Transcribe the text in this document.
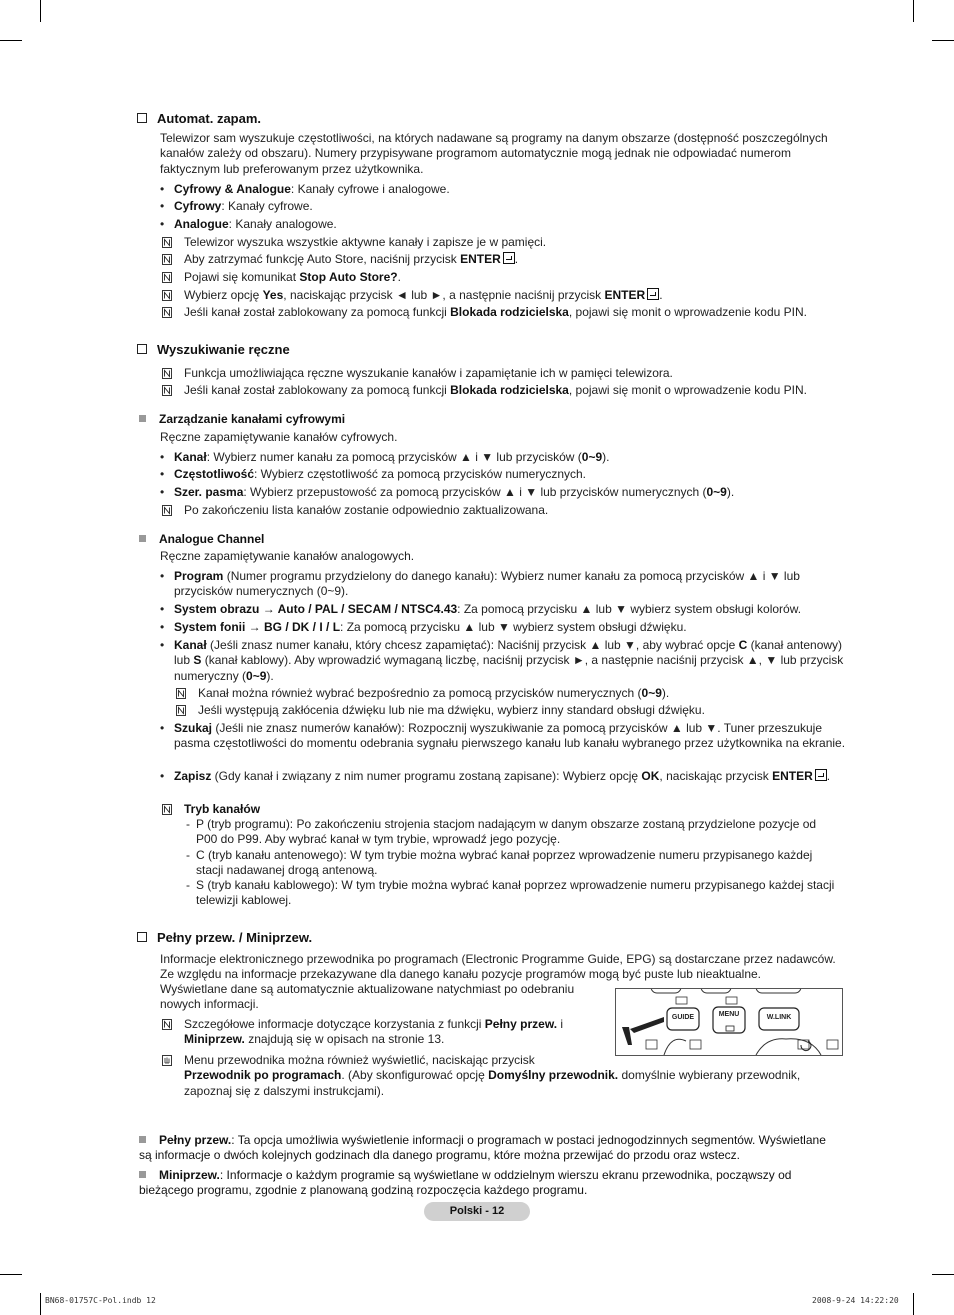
Automat. zapam.
Telewizor sam wyszukuje częstotliwości, na których nadawane są programy na danym obszarze (dostępność poszczególnych kanałów zależy od obszaru). Numery przypisywane programom automatycznie mogą jednak nie odpowiadać numerom faktycznym lub preferowanym przez użytkownika.
• Cyfrowy & Analogue: Kanały cyfrowe i analogowe.
• Cyfrowy: Kanały cyfrowe.
• Analogue: Kanały analogowe.
Telewizor wyszuka wszystkie aktywne kanały i zapisze je w pamięci.
Aby zatrzymać funkcję Auto Store, naciśnij przycisk ENTER .
Pojawi się komunikat Stop Auto Store?.
Wybierz opcję Yes, naciskając przycisk ◄ lub ►, a następnie naciśnij przycisk ENTER .
Jeśli kanał został zablokowany za pomocą funkcji Blokada rodzicielska, pojawi się monit o wprowadzenie kodu PIN.
Wyszukiwanie ręczne
Funkcja umożliwiająca ręczne wyszukanie kanałów i zapamiętanie ich w pamięci telewizora.
Jeśli kanał został zablokowany za pomocą funkcji Blokada rodzicielska, pojawi się monit o wprowadzenie kodu PIN.
Zarządzanie kanałami cyfrowymi
Ręczne zapamiętywanie kanałów cyfrowych.
• Kanał: Wybierz numer kanału za pomocą przycisków ▲ i ▼ lub przycisków (0~9).
• Częstotliwość: Wybierz częstotliwość za pomocą przycisków numerycznych.
• Szer. pasma: Wybierz przepustowość za pomocą przycisków ▲ i ▼ lub przycisków numerycznych (0~9).
Po zakończeniu lista kanałów zostanie odpowiednio zaktualizowana.
Analogue Channel
Ręczne zapamiętywanie kanałów analogowych.
• Program (Numer programu przydzielony do danego kanału): Wybierz numer kanału za pomocą przycisków ▲ i ▼ lub przycisków numerycznych (0~9).
• System obrazu → Auto / PAL / SECAM / NTSC4.43: Za pomocą przycisku ▲ lub ▼ wybierz system obsługi kolorów.
• System fonii → BG / DK / I / L: Za pomocą przycisku ▲ lub ▼ wybierz system obsługi dźwięku.
• Kanał (Jeśli znasz numer kanału, który chcesz zapamiętać): Naciśnij przycisk ▲ lub ▼, aby wybrać opcje C (kanał antenowy) lub S (kanał kablowy). Aby wprowadzić wymaganą liczbę, naciśnij przycisk ►, a następnie naciśnij przycisk ▲, ▼ lub przycisk numeryczny (0~9).
Kanał można również wybrać bezpośrednio za pomocą przycisków numerycznych (0~9).
Jeśli występują zakłócenia dźwięku lub nie ma dźwięku, wybierz inny standard obsługi dźwięku.
• Szukaj (Jeśli nie znasz numerów kanałów): Rozpocznij wyszukiwanie za pomocą przycisków ▲ lub ▼. Tuner przeszukuje pasma częstotliwości do momentu odebrania sygnału pierwszego kanału lub kanału wybranego przez użytkownika na ekranie.
• Zapisz (Gdy kanał i związany z nim numer programu zostaną zapisane): Wybierz opcję OK, naciskając przycisk ENTER .
Tryb kanałów
- P (tryb programu): Po zakończeniu strojenia stacjom nadającym w danym obszarze zostaną przydzielone pozycje od P00 do P99. Aby wybrać kanał w tym trybie, wprowadź jego pozycję.
- C (tryb kanału antenowego): W tym trybie można wybrać kanał poprzez wprowadzenie numeru przypisanego każdej stacji nadawanej drogą antenową.
- S (tryb kanału kablowego): W tym trybie można wybrać kanał poprzez wprowadzenie numeru przypisanego każdej stacji telewizji kablowej.
Pełny przew. / Miniprzew.
Informacje elektronicznego przewodnika po programach (Electronic Programme Guide, EPG) są dostarczane przez nadawców. Ze względu na informacje przekazywane dla danego kanału pozycje programów mogą być puste lub nieaktualne.
Wyświetlane dane są automatycznie aktualizowane natychmiast po odebraniu nowych informacji.
Szczegółowe informacje dotyczące korzystania z funkcji Pełny przew. i Miniprzew. znajdują się w opisach na stronie 13.
Menu przewodnika można również wyświetlić, naciskając przycisk
Przewodnik po programach. (Aby skonfigurować opcję Domyślny przewodnik. domyślnie wybierany przewodnik, zapoznaj się z dalszymi instrukcjami).
GUIDE	MENU	W.LINK
Pełny przew.: Ta opcja umożliwia wyświetlenie informacji o programach w postaci jednogodzinnych segmentów. Wyświetlane są informacje o dwóch kolejnych godzinach dla danego programu, które można przewijać do przodu oraz wstecz.
Miniprzew.: Informacje o każdym programie są wyświetlane w oddzielnym wierszu ekranu przewodnika, począwszy od bieżącego programu, zgodnie z planowaną godziną rozpoczęcia każdego programu.
Polski - 12
BN68-01757C-Pol.indb 12	2008-9-24 14:22:20
